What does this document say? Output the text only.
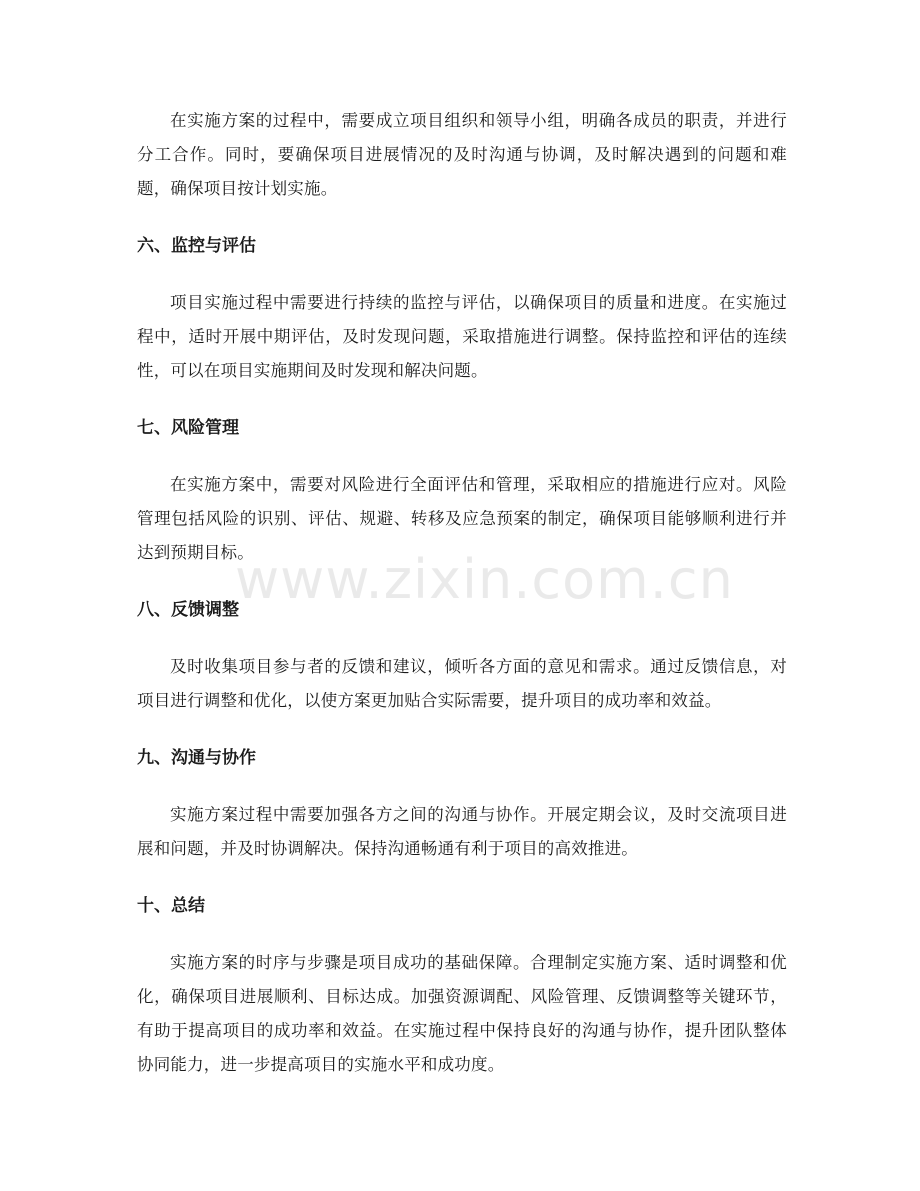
在实施方案的过程中，需要成立项目组织和领导小组，明确各成员的职责，并进行分工合作。同时，要确保项目进展情况的及时沟通与协调，及时解决遇到的问题和难题，确保项目按计划实施。

六、监控与评估

项目实施过程中需要进行持续的监控与评估，以确保项目的质量和进度。在实施过程中，适时开展中期评估，及时发现问题，采取措施进行调整。保持监控和评估的连续性，可以在项目实施期间及时发现和解决问题。

七、风险管理

在实施方案中，需要对风险进行全面评估和管理，采取相应的措施进行应对。风险管理包括风险的识别、评估、规避、转移及应急预案的制定，确保项目能够顺利进行并达到预期目标。

八、反馈调整

及时收集项目参与者的反馈和建议，倾听各方面的意见和需求。通过反馈信息，对项目进行调整和优化，以使方案更加贴合实际需要，提升项目的成功率和效益。

九、沟通与协作

实施方案过程中需要加强各方之间的沟通与协作。开展定期会议，及时交流项目进展和问题，并及时协调解决。保持沟通畅通有利于项目的高效推进。

十、总结

实施方案的时序与步骤是项目成功的基础保障。合理制定实施方案、适时调整和优化，确保项目进展顺利、目标达成。加强资源调配、风险管理、反馈调整等关键环节，有助于提高项目的成功率和效益。在实施过程中保持良好的沟通与协作，提升团队整体协同能力，进一步提高项目的实施水平和成功度。

www.zixin.com.cn
